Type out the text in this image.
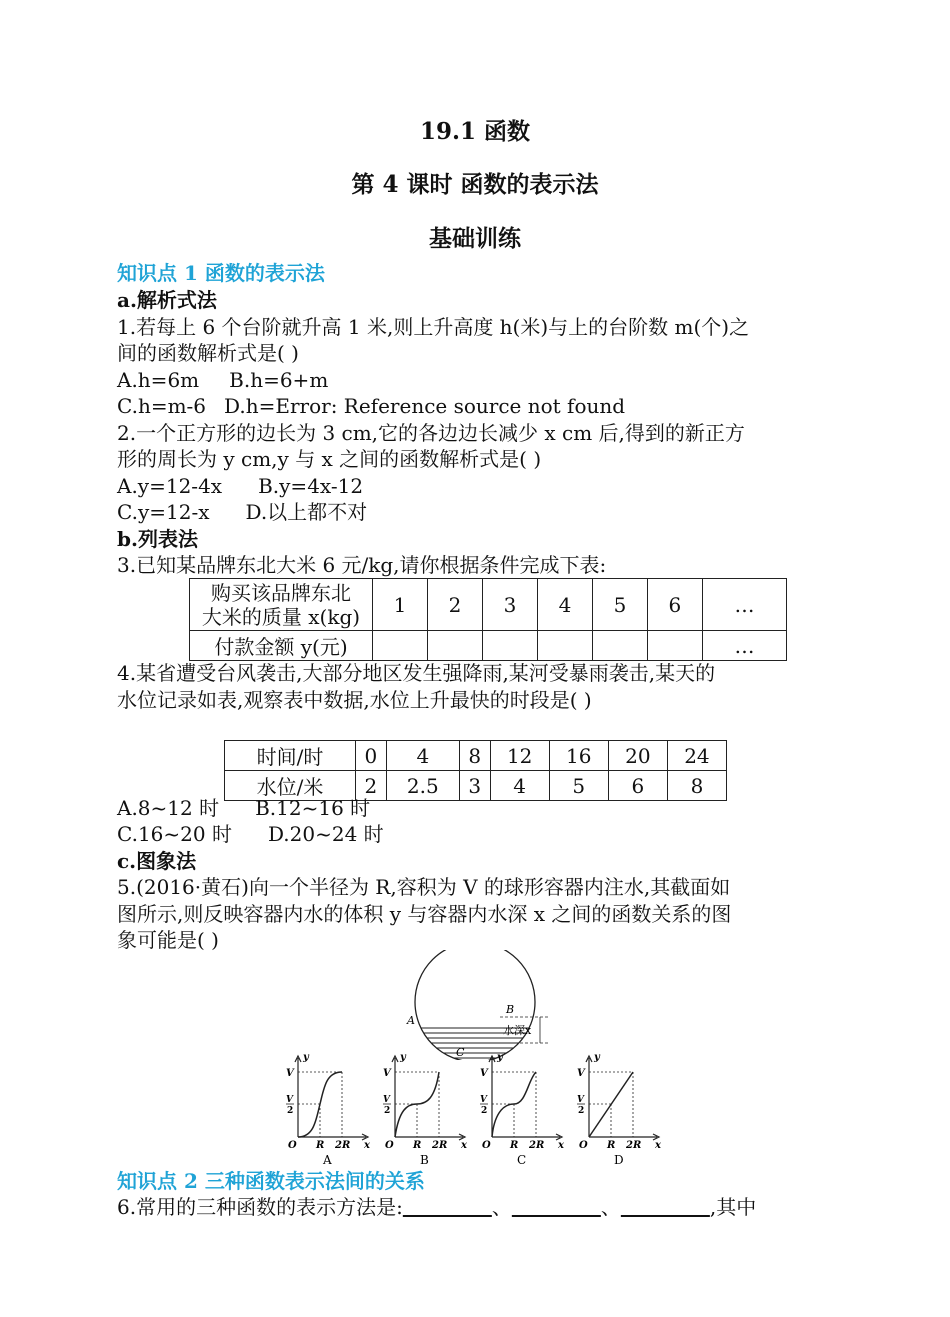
19.1 函数
第 4 课时 函数的表示法
基础训练
知识点 1 函数的表示法
a.解析式法
1.若每上 6 个台阶就升高 1 米,则上升高度 h(米)与上的台阶数 m(个)之
间的函数解析式是( )
A.h=6m B.h=6+m
C.h=m-6 D.h=Error: Reference source not found
2.一个正方形的边长为 3 cm,它的各边边长减少 x cm 后,得到的新正方
形的周长为 y cm,y 与 x 之间的函数解析式是( )
A.y=12-4x B.y=4x-12
C.y=12-x D.以上都不对
b.列表法
3.已知某品牌东北大米 6 元/kg,请你根据条件完成下表:
购买该品牌东北
大米的质量 x(kg)	1	2	3	4	5	6	…
付款金额 y(元)							…
4.某省遭受台风袭击,大部分地区发生强降雨,某河受暴雨袭击,某天的
水位记录如表,观察表中数据,水位上升最快的时段是( )
时间/时	0	4	8	12	16	20	24
水位/米	2	2.5	3	4	5	6	8
A.8~12 时 B.12~16 时
C.16~20 时 D.20~24 时
c.图象法
5.(2016·黄石)向一个半径为 R,容积为 V 的球形容器内注水,其截面如
图所示,则反映容器内水的体积 y 与容器内水深 x 之间的函数关系的图
象可能是( )
A
B
C
水深x
y
x
O
V
V
2
R 2R
A
y
x
O
V
V
2
R 2R
B
y
x
O
V
V
2
R 2R
C
y
x
O
V
V
2
R 2R
D
知识点 2 三种函数表示法间的关系
6.常用的三种函数的表示方法是:	、	、	,其中
